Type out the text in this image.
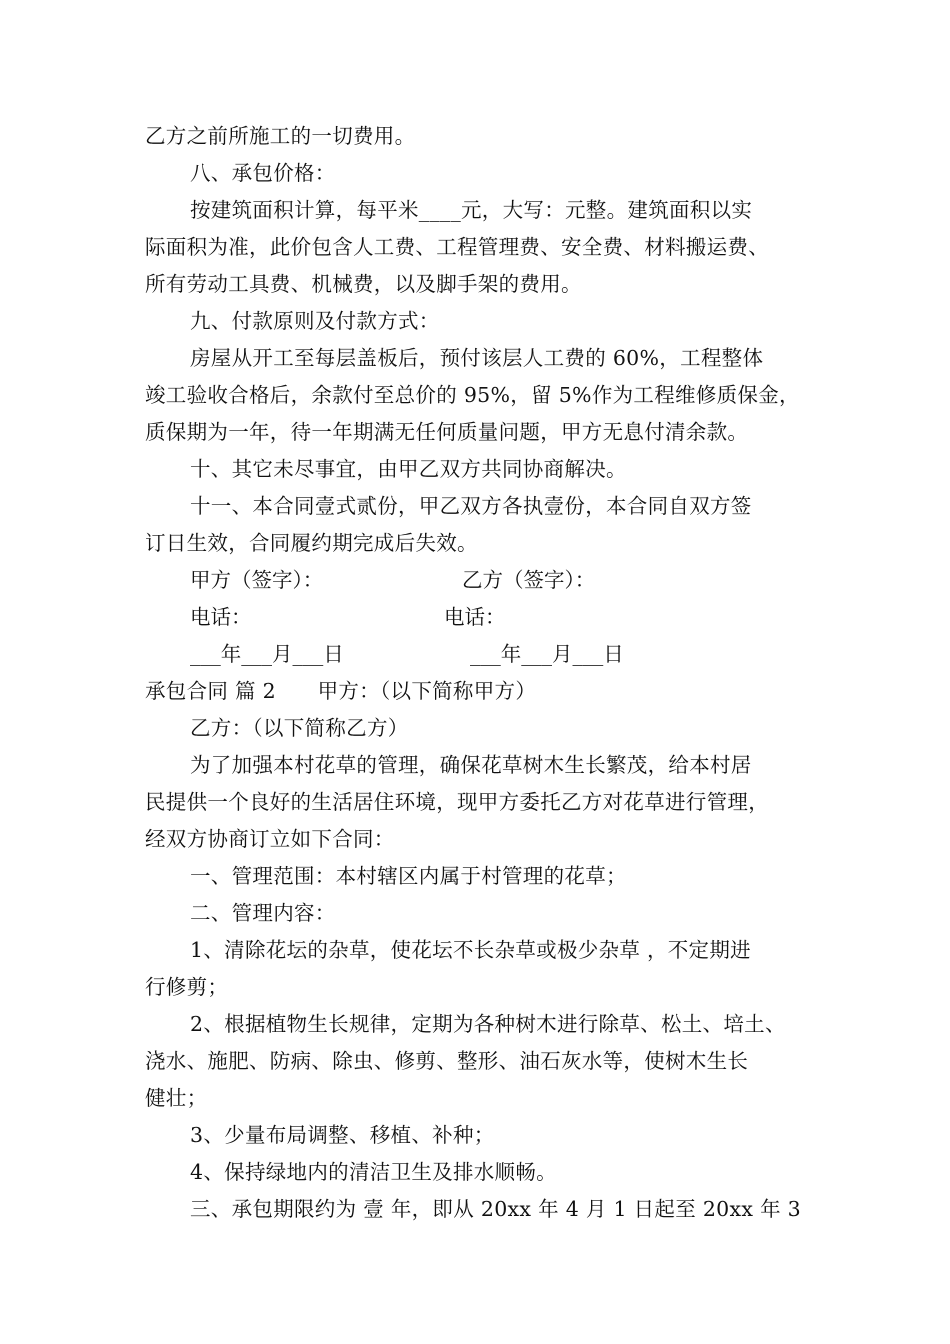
乙方之前所施工的一切费用。
八、承包价格：
按建筑面积计算，每平米____元，大写：元整。建筑面积以实
际面积为准，此价包含人工费、工程管理费、安全费、材料搬运费、
所有劳动工具费、机械费，以及脚手架的费用。
九、付款原则及付款方式：
房屋从开工至每层盖板后，预付该层人工费的 60%，工程整体
竣工验收合格后，余款付至总价的 95%，留 5%作为工程维修质保金，
质保期为一年，待一年期满无任何质量问题，甲方无息付清余款。
十、其它未尽事宜，由甲乙双方共同协商解决。
十一、本合同壹式贰份，甲乙双方各执壹份，本合同自双方签
订日生效，合同履约期完成后失效。
甲方（签字）：	乙方（签字）：
电话：	电话：
___年___月___日	___年___月___日
承包合同 篇 2　　甲方：（以下简称甲方）
乙方：（以下简称乙方）
为了加强本村花草的管理，确保花草树木生长繁茂，给本村居
民提供一个良好的生活居住环境，现甲方委托乙方对花草进行管理，
经双方协商订立如下合同：
一、管理范围：本村辖区内属于村管理的花草；
二、管理内容：
1、清除花坛的杂草，使花坛不长杂草或极少杂草 ，不定期进
行修剪；
2、根据植物生长规律，定期为各种树木进行除草、松土、培土、
浇水、施肥、防病、除虫、修剪、整形、油石灰水等，使树木生长
健壮；
3、少量布局调整、移植、补种；
4、保持绿地内的清洁卫生及排水顺畅。
三、承包期限约为 壹 年，即从 20xx 年 4 月 1 日起至 20xx 年 3
